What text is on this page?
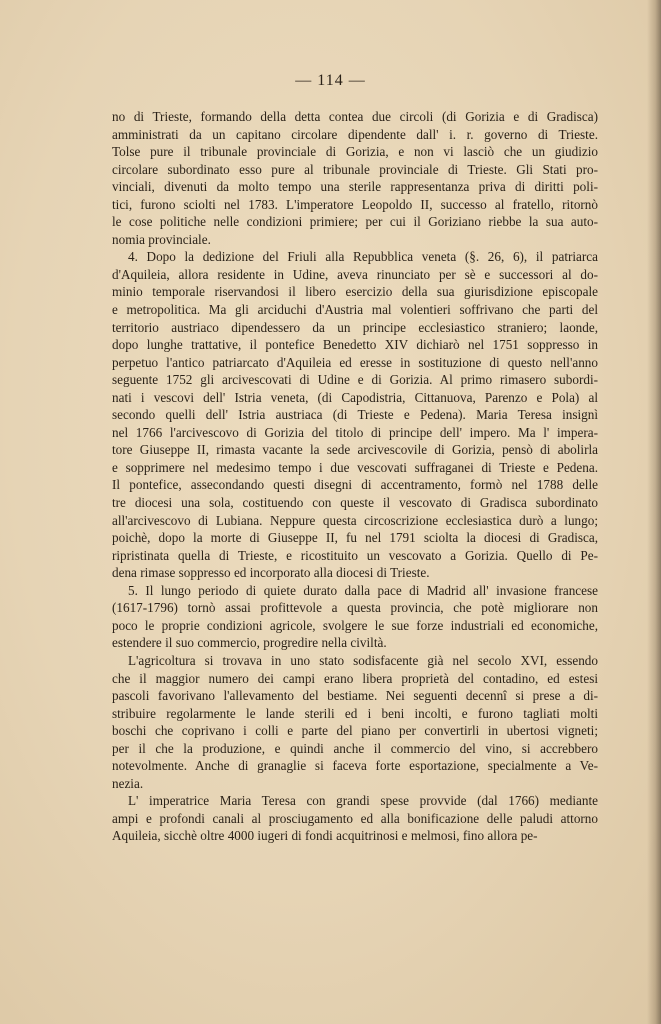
— 114 —
no di Trieste, formando della detta contea due circoli (di Gorizia e di Gradisca)
amministrati da un capitano circolare dipendente dall' i. r. governo di Trieste.
Tolse pure il tribunale provinciale di Gorizia, e non vi lasciò che un giudizio
circolare subordinato esso pure al tribunale provinciale di Trieste. Gli Stati pro-
vinciali, divenuti da molto tempo una sterile rappresentanza priva di diritti poli-
tici, furono sciolti nel 1783. L'imperatore Leopoldo II, successo al fratello, ritornò
le cose politiche nelle condizioni primiere; per cui il Goriziano riebbe la sua auto-
nomia provinciale.
4. Dopo la dedizione del Friuli alla Repubblica veneta (§. 26, 6), il patriarca
d'Aquileia, allora residente in Udine, aveva rinunciato per sè e successori al do-
minio temporale riservandosi il libero esercizio della sua giurisdizione episcopale
e metropolitica. Ma gli arciduchi d'Austria mal volentieri soffrivano che parti del
territorio austriaco dipendessero da un principe ecclesiastico straniero; laonde,
dopo lunghe trattative, il pontefice Benedetto XIV dichiarò nel 1751 soppresso in
perpetuo l'antico patriarcato d'Aquileia ed eresse in sostituzione di questo nell'anno
seguente 1752 gli arcivescovati di Udine e di Gorizia. Al primo rimasero subordi-
nati i vescovi dell' Istria veneta, (di Capodistria, Cittanuova, Parenzo e Pola) al
secondo quelli dell' Istria austriaca (di Trieste e Pedena). Maria Teresa insignì
nel 1766 l'arcivescovo di Gorizia del titolo di principe dell' impero. Ma l' impera-
tore Giuseppe II, rimasta vacante la sede arcivescovile di Gorizia, pensò di abolirla
e sopprimere nel medesimo tempo i due vescovati suffraganei di Trieste e Pedena.
Il pontefice, assecondando questi disegni di accentramento, formò nel 1788 delle
tre diocesi una sola, costituendo con queste il vescovato di Gradisca subordinato
all'arcivescovo di Lubiana. Neppure questa circoscrizione ecclesiastica durò a lungo;
poichè, dopo la morte di Giuseppe II, fu nel 1791 sciolta la diocesi di Gradisca,
ripristinata quella di Trieste, e ricostituito un vescovato a Gorizia. Quello di Pe-
dena rimase soppresso ed incorporato alla diocesi di Trieste.
5. Il lungo periodo di quiete durato dalla pace di Madrid all' invasione francese
(1617-1796) tornò assai profittevole a questa provincia, che potè migliorare non
poco le proprie condizioni agricole, svolgere le sue forze industriali ed economiche,
estendere il suo commercio, progredire nella civiltà.
L'agricoltura si trovava in uno stato sodisfacente già nel secolo XVI, essendo
che il maggior numero dei campi erano libera proprietà del contadino, ed estesi
pascoli favorivano l'allevamento del bestiame. Nei seguenti decennî si prese a di-
stribuire regolarmente le lande sterili ed i beni incolti, e furono tagliati molti
boschi che coprivano i colli e parte del piano per convertirli in ubertosi vigneti;
per il che la produzione, e quindi anche il commercio del vino, si accrebbero
notevolmente. Anche di granaglie si faceva forte esportazione, specialmente a Ve-
nezia.
L' imperatrice Maria Teresa con grandi spese provvide (dal 1766) mediante
ampi e profondi canali al prosciugamento ed alla bonificazione delle paludi attorno
Aquileia, sicchè oltre 4000 iugeri di fondi acquitrinosi e melmosi, fino allora pe-
